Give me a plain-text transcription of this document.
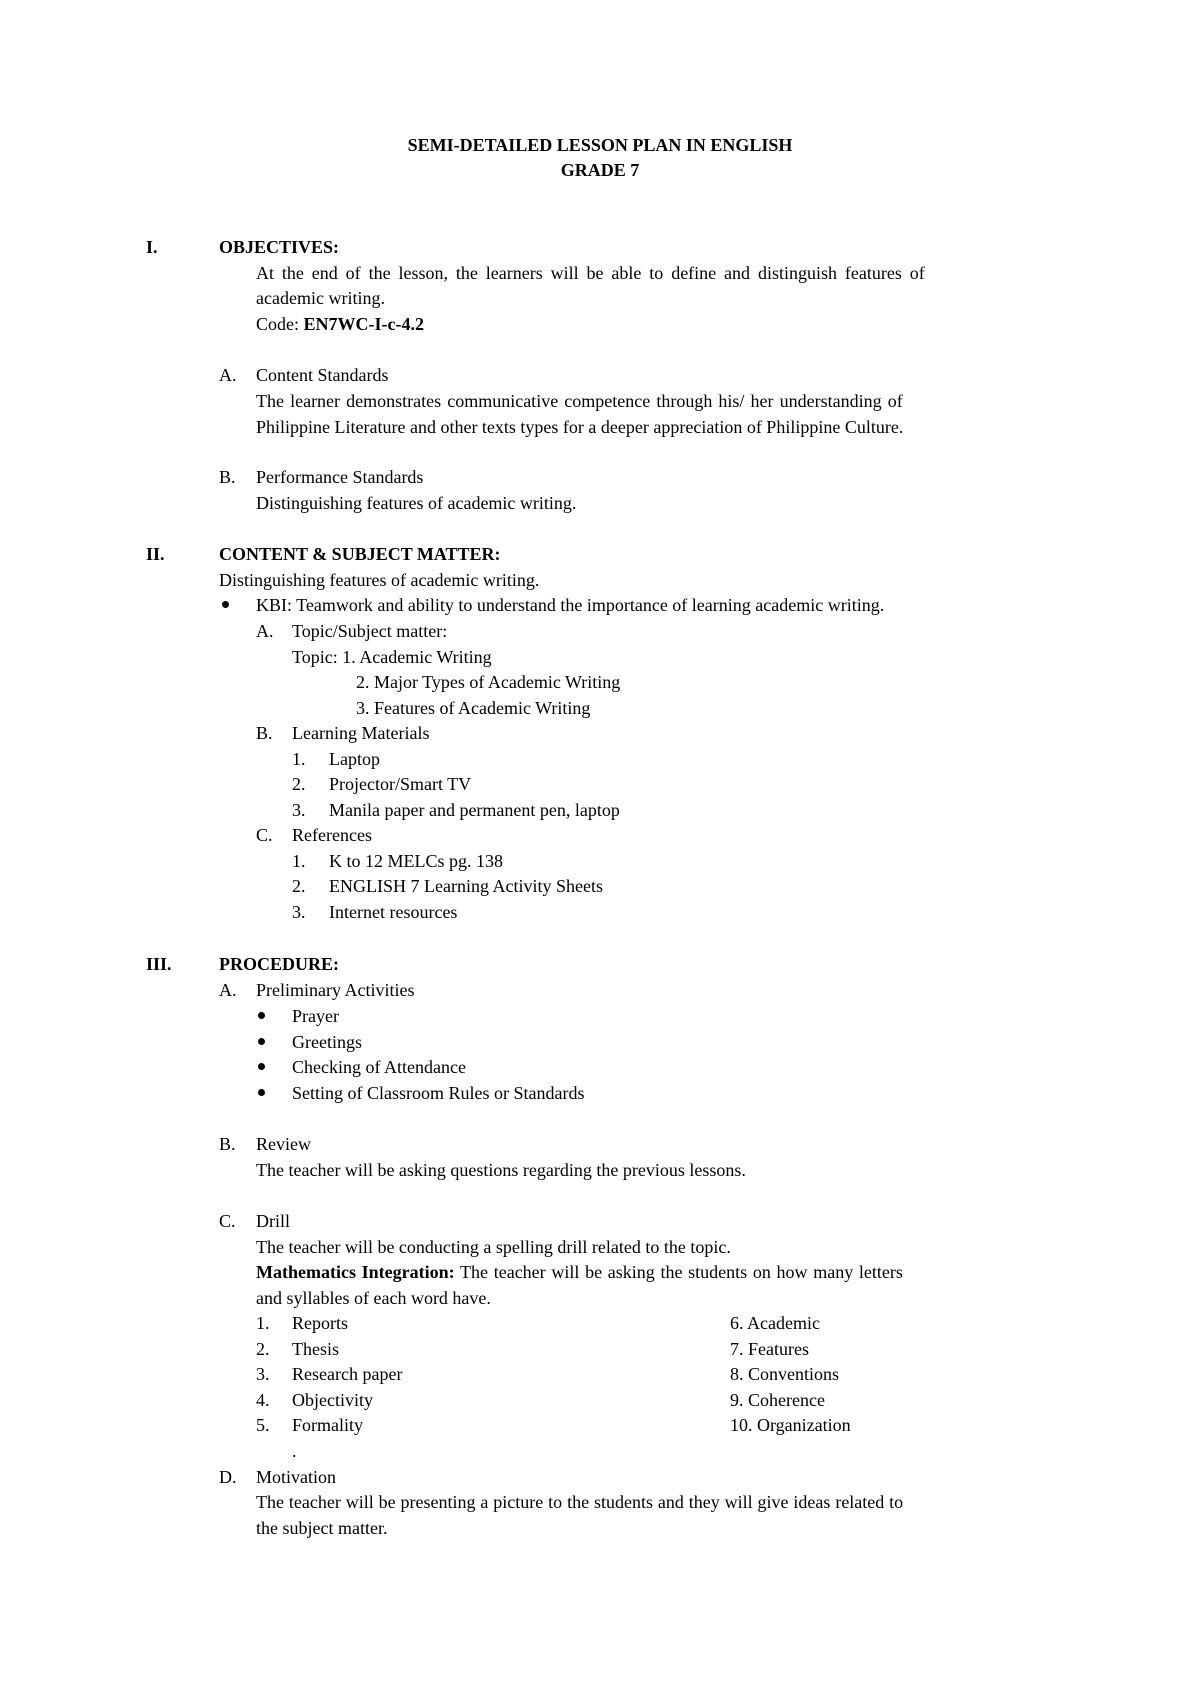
SEMI-DETAILED LESSON PLAN IN ENGLISH
GRADE 7
I.	OBJECTIVES:
At the end of the lesson, the learners will be able to define and distinguish features of
academic writing.
Code: EN7WC-I-c-4.2
A. Content Standards
The learner demonstrates communicative competence through his/ her understanding of
Philippine Literature and other texts types for a deeper appreciation of Philippine Culture.
B. Performance Standards
Distinguishing features of academic writing.
II.	CONTENT & SUBJECT MATTER:
Distinguishing features of academic writing.
KBI: Teamwork and ability to understand the importance of learning academic writing.
A. Topic/Subject matter:
Topic: 1. Academic Writing
2. Major Types of Academic Writing
3. Features of Academic Writing
B. Learning Materials
1. Laptop
2. Projector/Smart TV
3. Manila paper and permanent pen, laptop
C. References
1. K to 12 MELCs pg. 138
2. ENGLISH 7 Learning Activity Sheets
3. Internet resources
III.	PROCEDURE:
A. Preliminary Activities
Prayer
Greetings
Checking of Attendance
Setting of Classroom Rules or Standards
B. Review
The teacher will be asking questions regarding the previous lessons.
C. Drill
The teacher will be conducting a spelling drill related to the topic.
Mathematics Integration: The teacher will be asking the students on how many letters
and syllables of each word have.
1. Reports
2. Thesis
3. Research paper
4. Objectivity
5. Formality
6. Academic
7. Features
8. Conventions
9. Coherence
10. Organization
.
D. Motivation
The teacher will be presenting a picture to the students and they will give ideas related to
the subject matter.
